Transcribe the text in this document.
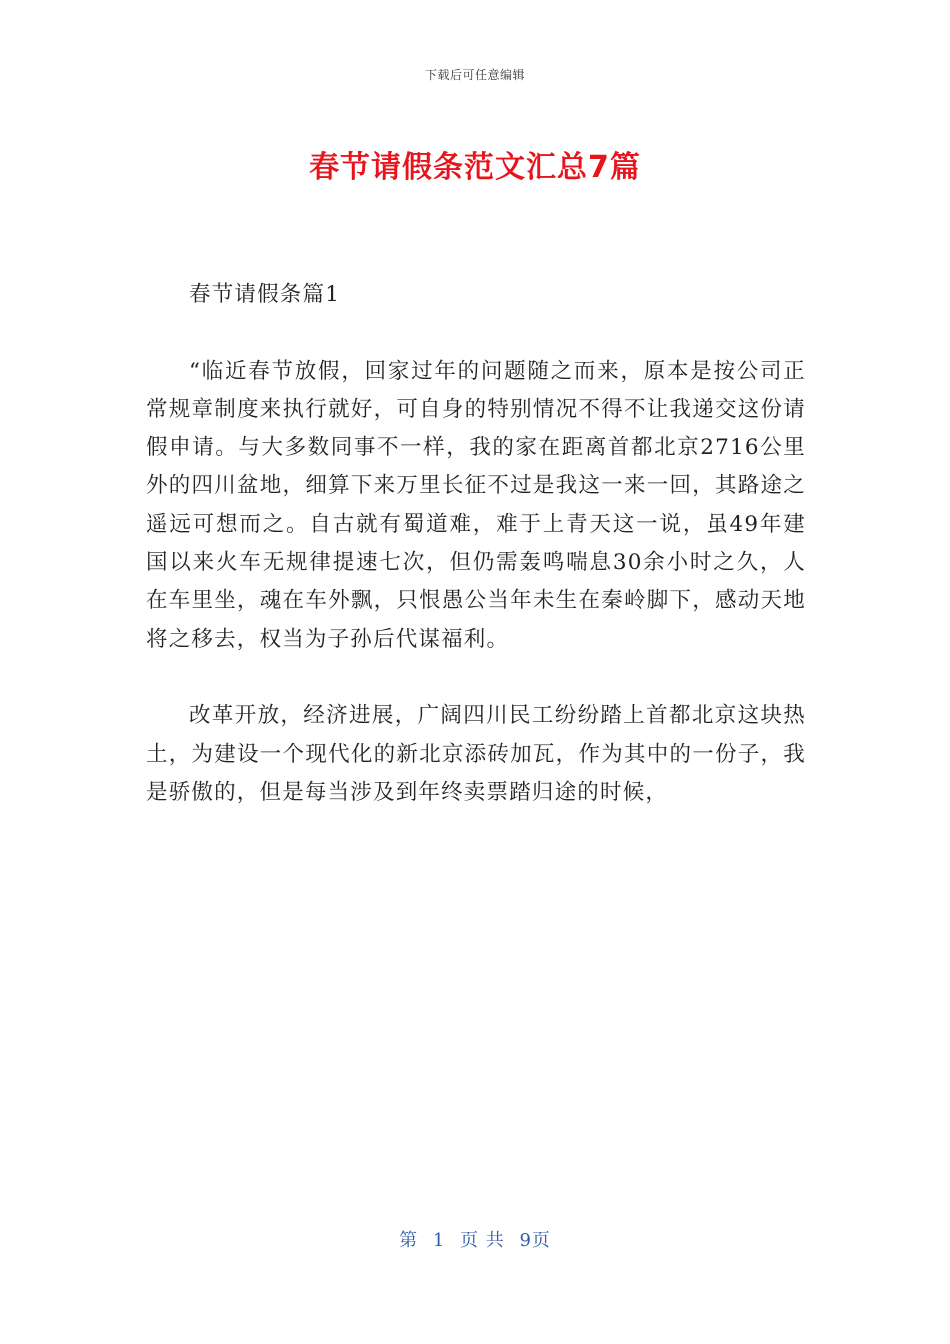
下载后可任意编辑
春节请假条范文汇总7篇

春节请假条篇1

“临近春节放假，回家过年的问题随之而来，原本是按公司正常规章制度来执行就好，可自身的特别情况不得不让我递交这份请假申请。与大多数同事不一样，我的家在距离首都北京2716公里外的四川盆地，细算下来万里长征不过是我这一来一回，其路途之遥远可想而之。自古就有蜀道难，难于上青天这一说，虽49年建国以来火车无规律提速七次，但仍需轰鸣喘息30余小时之久，人在车里坐，魂在车外飘，只恨愚公当年未生在秦岭脚下，感动天地将之移去，权当为子孙后代谋福利。

改革开放，经济进展，广阔四川民工纷纷踏上首都北京这块热土，为建设一个现代化的新北京添砖加瓦，作为其中的一份子，我是骄傲的，但是每当涉及到年终卖票踏归途的时候，

第 1 页 共 9页
